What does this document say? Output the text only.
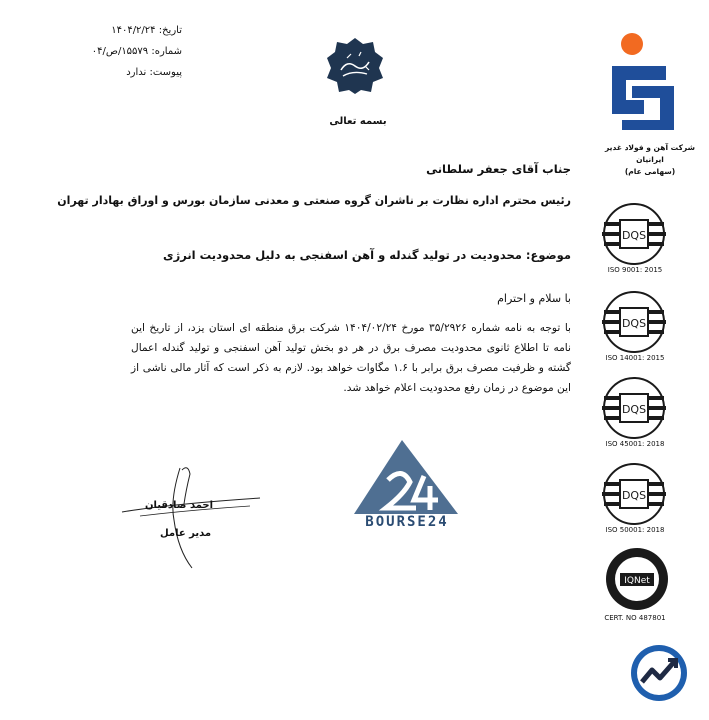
تاریخ: ۱۴۰۴/۲/۲۴
شماره: ۱۵۵۷۹/ص/۰۴
پیوست: ندارد
بسمه تعالی
شرکت آهن و فولاد غدیر ایرانیان
(سهامی عام)
جناب آقای جعفر سلطانی
رئیس محترم اداره نظارت بر ناشران گروه صنعتی و معدنی سازمان بورس و اوراق بهادار تهران
موضوع: محدودیت در تولید گندله و آهن اسفنجی به دلیل محدودیت انرژی
با سلام و احترام
با توجه به نامه شماره ۳۵/۲۹۲۶ مورخ ۱۴۰۴/۰۲/۲۴ شرکت برق منطقه ای استان یزد، از تاریخ این نامه تا اطلاع ثانوی محدودیت مصرف برق در هر دو بخش تولید آهن اسفنجی و تولید گندله اعمال گشته و ظرفیت مصرف برق برابر با ۱.۶ مگاوات خواهد بود. لازم به ذکر است که آثار مالی ناشی از این موضوع در زمان رفع محدودیت اعلام خواهد شد.
احمد صادقیان
مدیر عامل
BOURSE24
DQS
ISO 9001: 2015
DQS
ISO 14001: 2015
DQS
ISO 45001: 2018
DQS
ISO 50001: 2018
IQNet
CERT. NO 487801
